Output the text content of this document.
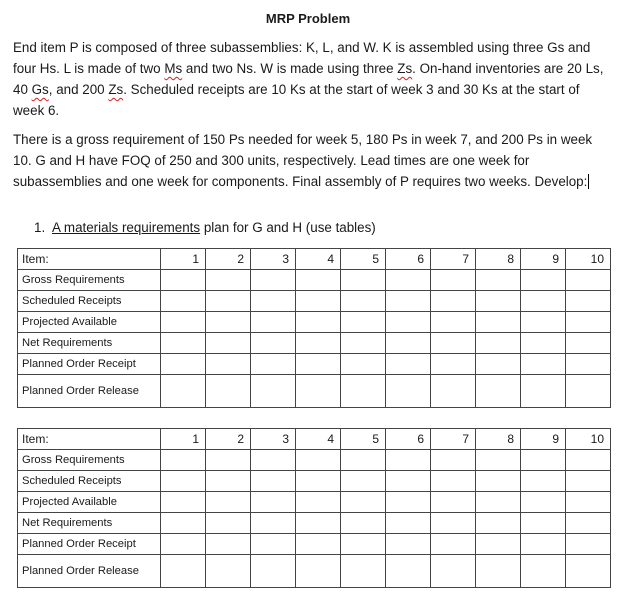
MRP Problem

End item P is composed of three subassemblies: K, L, and W. K is assembled using three Gs and four Hs. L is made of two Ms and two Ns. W is made using three Zs. On-hand inventories are 20 Ls, 40 Gs, and 200 Zs. Scheduled receipts are 10 Ks at the start of week 3 and 30 Ks at the start of week 6.

There is a gross requirement of 150 Ps needed for week 5, 180 Ps in week 7, and 200 Ps in week 10. G and H have FOQ of 250 and 300 units, respectively. Lead times are one week for subassemblies and one week for components. Final assembly of P requires two weeks. Develop:

1. A materials requirements plan for G and H (use tables)

Item:	1	2	3	4	5	6	7	8	9	10
Gross Requirements										
Scheduled Receipts										
Projected Available										
Net Requirements										
Planned Order Receipt										
Planned Order Release										
Item:	1	2	3	4	5	6	7	8	9	10
Gross Requirements										
Scheduled Receipts										
Projected Available										
Net Requirements										
Planned Order Receipt										
Planned Order Release										
